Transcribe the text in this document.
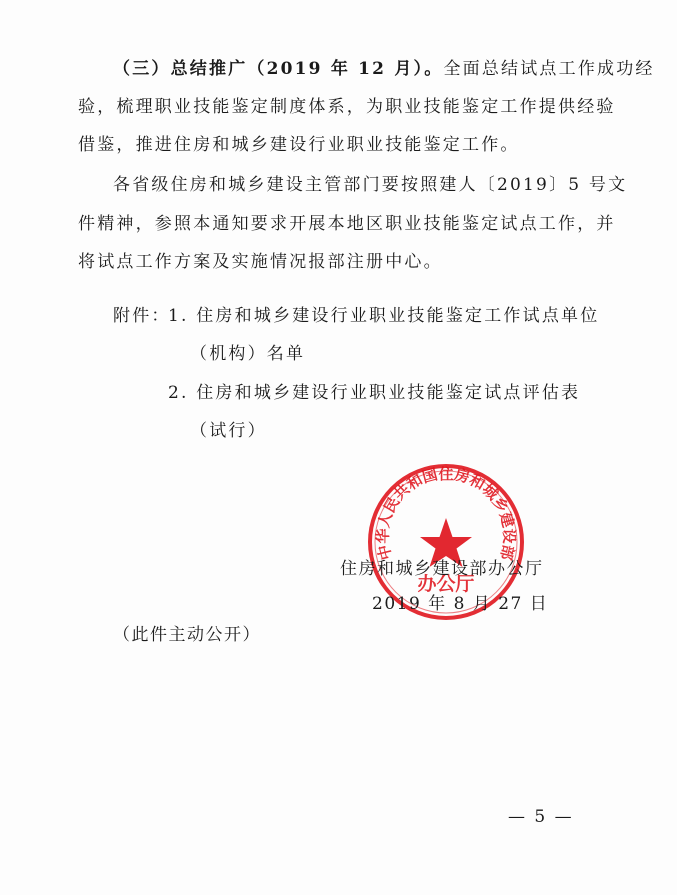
（三）总结推广（2019 年 12 月）。全面总结试点工作成功经
验，梳理职业技能鉴定制度体系，为职业技能鉴定工作提供经验
借鉴，推进住房和城乡建设行业职业技能鉴定工作。
各省级住房和城乡建设主管部门要按照建人〔2019〕5 号文
件精神，参照本通知要求开展本地区职业技能鉴定试点工作，并
将试点工作方案及实施情况报部注册中心。
附件：
1. 住房和城乡建设行业职业技能鉴定工作试点单位
（机构）名单
2. 住房和城乡建设行业职业技能鉴定试点评估表
（试行）
中华人民共和国住房和城乡建设部
办公厅
住房和城乡建设部办公厅
2019 年 8 月 27 日
（此件主动公开）
— 5 —
